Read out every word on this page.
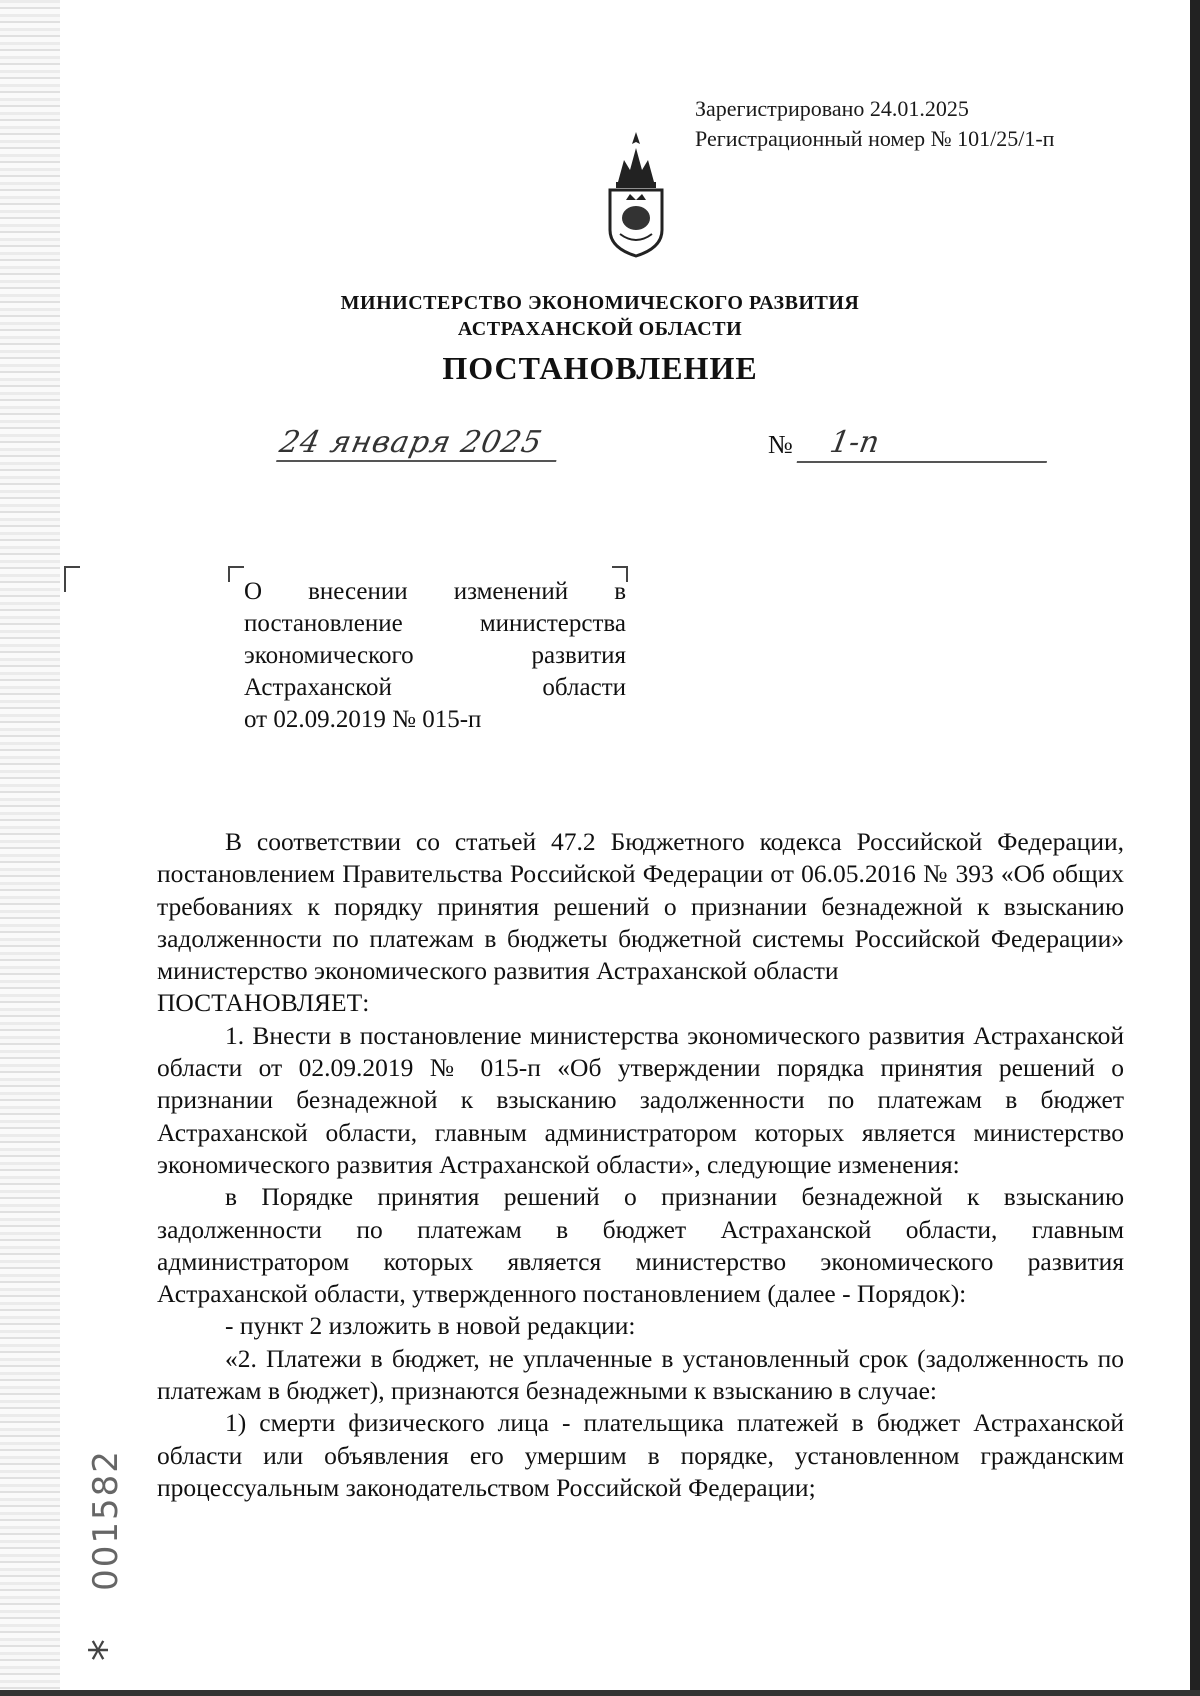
Зарегистрировано 24.01.2025
Регистрационный номер № 101/25/1-п
МИНИСТЕРСТВО ЭКОНОМИЧЕСКОГО РАЗВИТИЯ
АСТРАХАНСКОЙ ОБЛАСТИ
ПОСТАНОВЛЕНИЕ
24 января 2025	№	1-п
О внесении изменений в
постановление министерства
экономического развития
Астраханской области
от 02.09.2019 № 015-п

В соответствии со статьей 47.2 Бюджетного кодекса Российской Федерации, постановлением Правительства Российской Федерации от 06.05.2016 № 393 «Об общих требованиях к порядку принятия решений о признании безнадежной к взысканию задолженности по платежам в бюджеты бюджетной системы Российской Федерации» министерство экономического развития Астраханской области

ПОСТАНОВЛЯЕТ:

1. Внести в постановление министерства экономического развития Астраханской области от 02.09.2019 № 015-п «Об утверждении порядка принятия решений о признании безнадежной к взысканию задолженности по платежам в бюджет Астраханской области, главным администратором которых является министерство экономического развития Астраханской области», следующие изменения:

в Порядке принятия решений о признании безнадежной к взысканию задолженности по платежам в бюджет Астраханской области, главным администратором которых является министерство экономического развития Астраханской области, утвержденного постановлением (далее - Порядок):

- пункт 2 изложить в новой редакции:

«2. Платежи в бюджет, не уплаченные в установленный срок (задолженность по платежам в бюджет), признаются безнадежными к взысканию в случае:

1) смерти физического лица - плательщика платежей в бюджет Астраханской области или объявления его умершим в порядке, установленном гражданским процессуальным законодательством Российской Федерации;

001582
*
